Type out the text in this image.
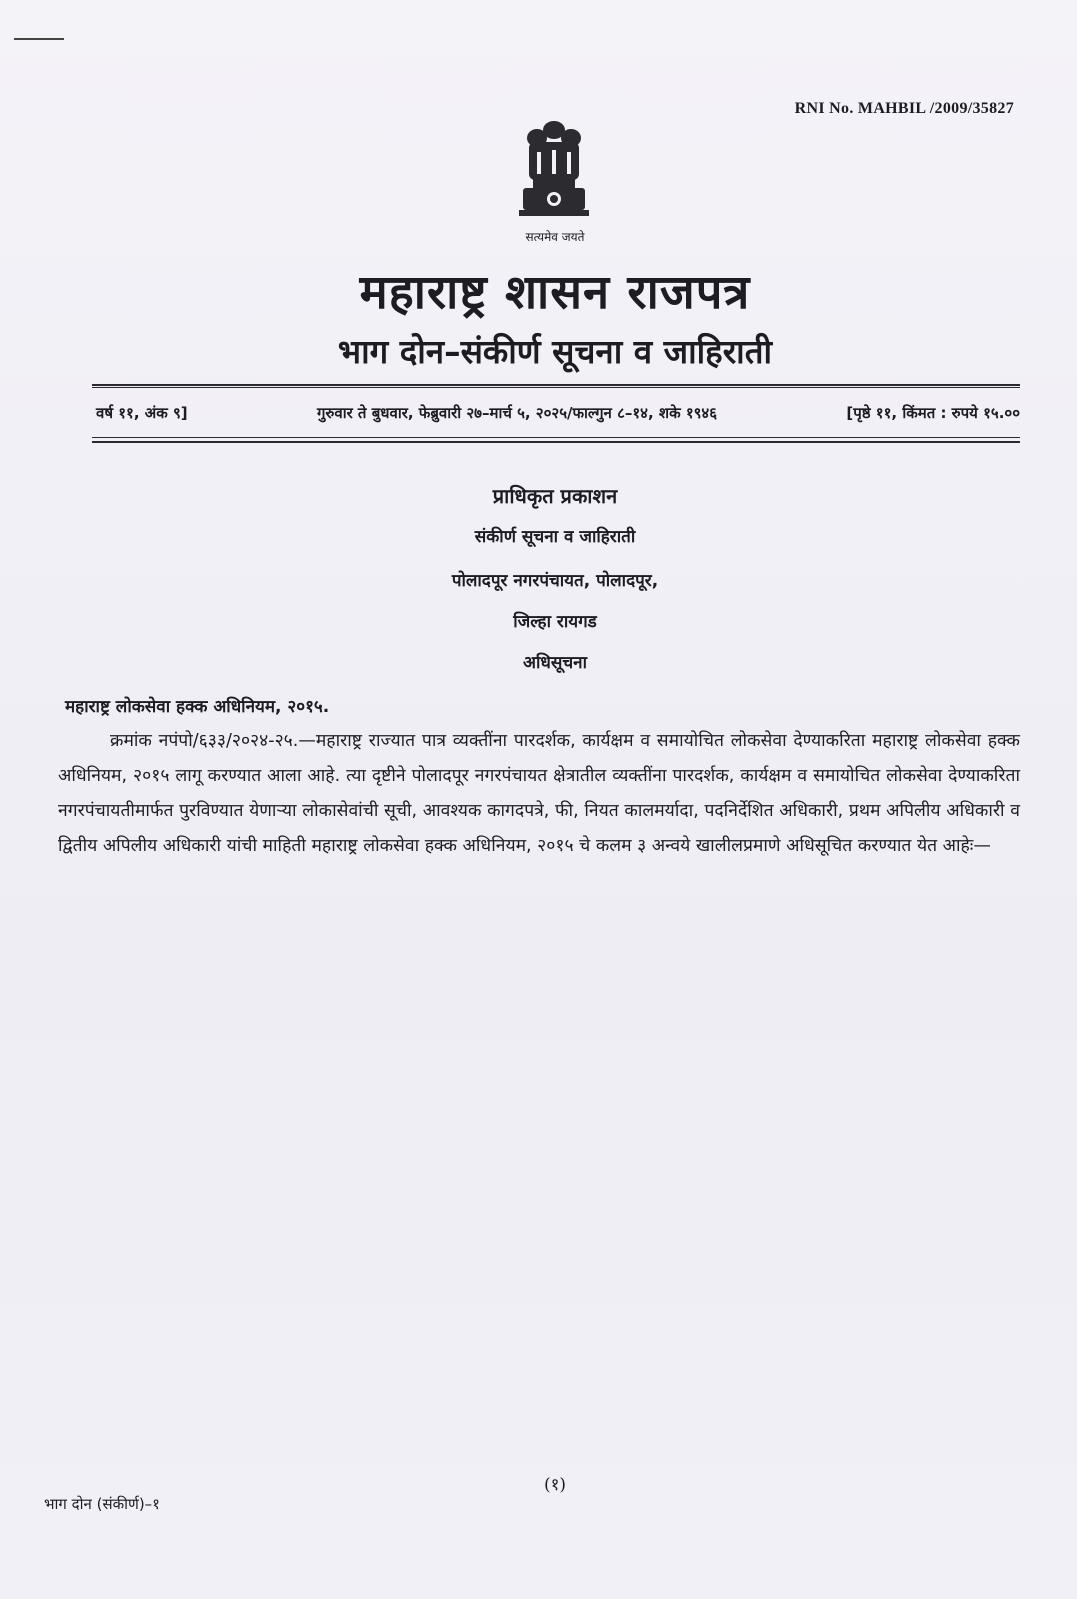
RNI No. MAHBIL /2009/35827
सत्यमेव जयते
महाराष्ट्र शासन राजपत्र
भाग दोन–संकीर्ण सूचना व जाहिराती
वर्ष ११, अंक ९]	गुरुवार ते बुधवार, फेब्रुवारी २७–मार्च ५, २०२५/फाल्गुन ८–१४, शके १९४६	[पृष्ठे ११, किंमत : रुपये १५.००
प्राधिकृत प्रकाशन
संकीर्ण सूचना व जाहिराती
पोलादपूर नगरपंचायत, पोलादपूर,
जिल्हा रायगड
अधिसूचना
महाराष्ट्र लोकसेवा हक्क अधिनियम, २०१५.
क्रमांक नपंपो/६३३/२०२४-२५.—महाराष्ट्र राज्यात पात्र व्यक्तींना पारदर्शक, कार्यक्षम व समायोचित लोकसेवा देण्याकरिता महाराष्ट्र लोकसेवा हक्क अधिनियम, २०१५ लागू करण्यात आला आहे. त्या दृष्टीने पोलादपूर नगरपंचायत क्षेत्रातील व्यक्तींना पारदर्शक, कार्यक्षम व समायोचित लोकसेवा देण्याकरिता नगरपंचायतीमार्फत पुरविण्यात येणाऱ्या लोकासेवांची सूची, आवश्यक कागदपत्रे, फी, नियत कालमर्यादा, पदनिर्देशित अधिकारी, प्रथम अपिलीय अधिकारी व द्वितीय अपिलीय अधिकारी यांची माहिती महाराष्ट्र लोकसेवा हक्क अधिनियम, २०१५ चे कलम ३ अन्वये खालीलप्रमाणे अधिसूचित करण्यात येत आहेः—
(१)
भाग दोन (संकीर्ण)–१
